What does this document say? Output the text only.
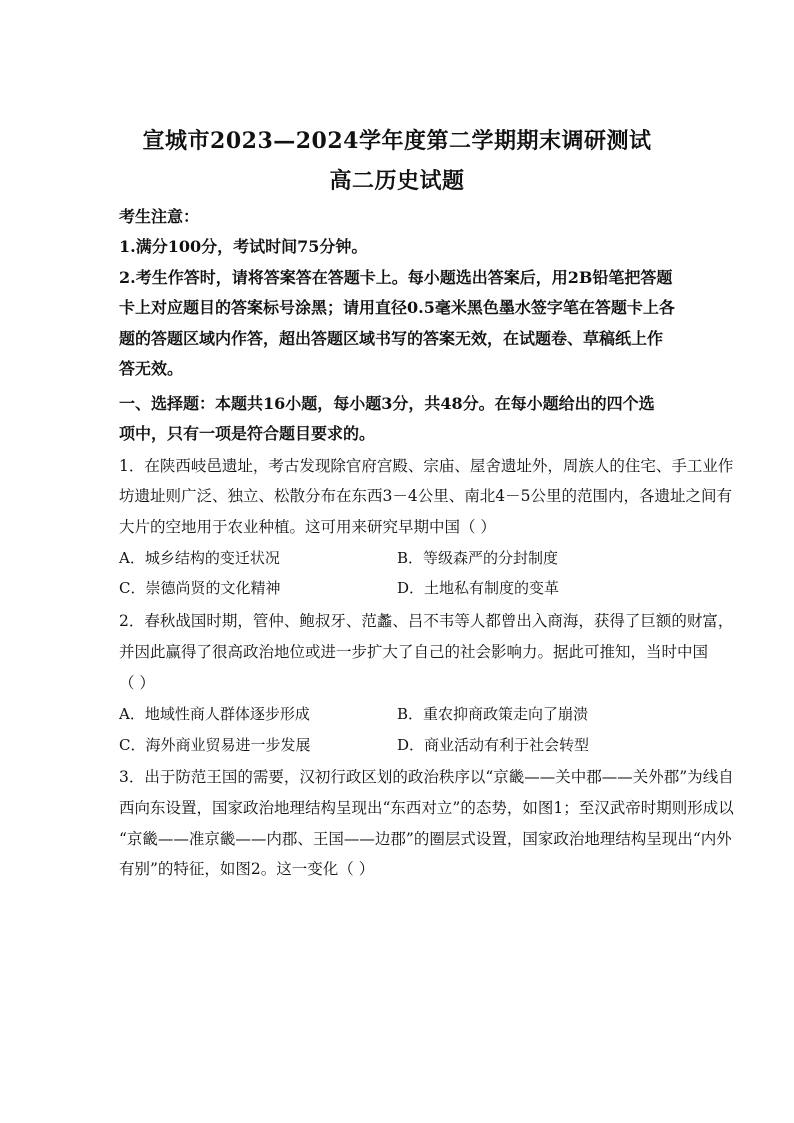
宣城市2023—2024学年度第二学期期末调研测试
高二历史试题
考生注意：
1.满分100分，考试时间75分钟。
2.考生作答时，请将答案答在答题卡上。每小题选出答案后，用2B铅笔把答题
卡上对应题目的答案标号涂黑；请用直径0.5毫米黑色墨水签字笔在答题卡上各
题的答题区域内作答，超出答题区域书写的答案无效，在试题卷、草稿纸上作
答无效。
一、选择题：本题共16小题，每小题3分，共48分。在每小题给出的四个选
项中，只有一项是符合题目要求的。
1．在陕西岐邑遗址，考古发现除官府宫殿、宗庙、屋舍遗址外，周族人的住宅、手工业作
坊遗址则广泛、独立、松散分布在东西3－4公里、南北4－5公里的范围内，各遗址之间有
大片的空地用于农业种植。这可用来研究早期中国（ ）
A．城乡结构的变迁状况	B．等级森严的分封制度
C．崇德尚贤的文化精神	D．土地私有制度的变革
2．春秋战国时期，管仲、鲍叔牙、范蠡、吕不韦等人都曾出入商海，获得了巨额的财富，
并因此赢得了很高政治地位或进一步扩大了自己的社会影响力。据此可推知，当时中国
（ ）
A．地域性商人群体逐步形成	B．重农抑商政策走向了崩溃
C．海外商业贸易进一步发展	D．商业活动有利于社会转型
3．出于防范王国的需要，汉初行政区划的政治秩序以“京畿——关中郡——关外郡”为线自
西向东设置，国家政治地理结构呈现出“东西对立”的态势，如图1；至汉武帝时期则形成以
“京畿——准京畿——内郡、王国——边郡”的圈层式设置，国家政治地理结构呈现出“内外
有别”的特征，如图2。这一变化（ ）
